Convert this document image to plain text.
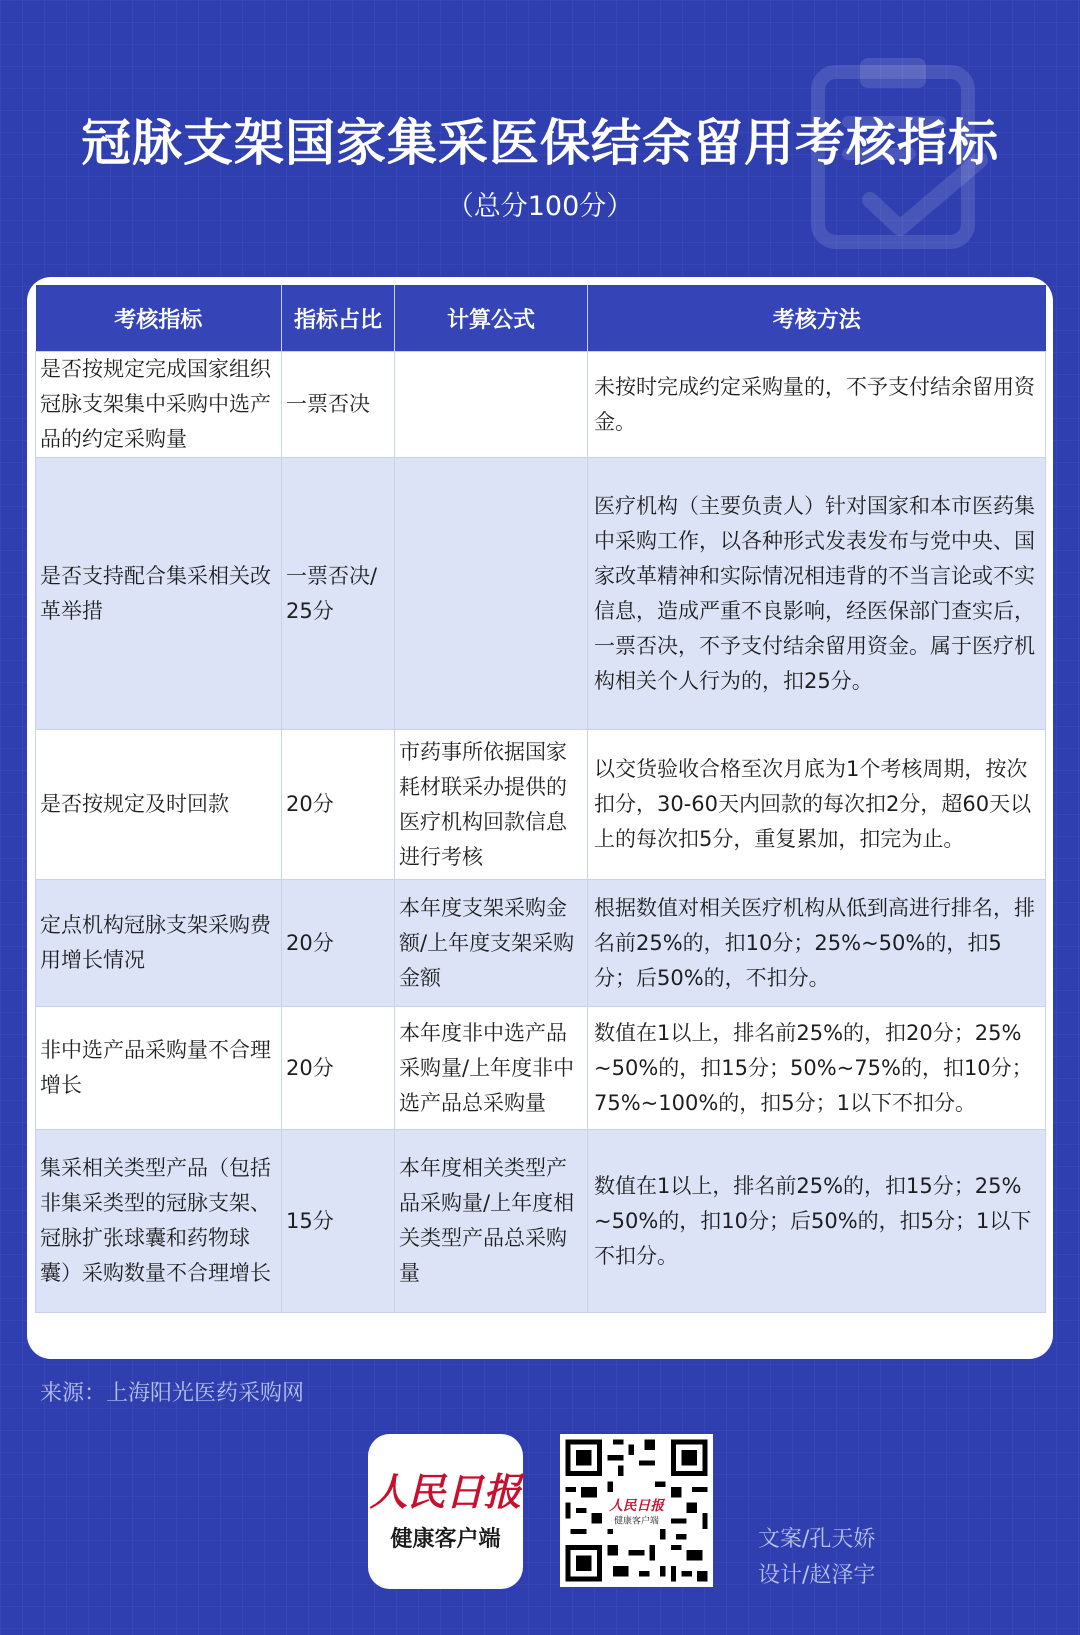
冠脉支架国家集采医保结余留用考核指标

（总分100分）

考核指标	指标占比	计算公式	考核方法
是否按规定完成国家组织冠脉支架集中采购中选产品的约定采购量	一票否决		未按时完成约定采购量的，不予支付结余留用资金。
是否支持配合集采相关改革举措	一票否决/25分		医疗机构（主要负责人）针对国家和本市医药集中采购工作，以各种形式发表发布与党中央、国家改革精神和实际情况相违背的不当言论或不实信息，造成严重不良影响，经医保部门查实后，一票否决，不予支付结余留用资金。属于医疗机构相关个人行为的，扣25分。
是否按规定及时回款	20分	市药事所依据国家耗材联采办提供的医疗机构回款信息进行考核	以交货验收合格至次月底为1个考核周期，按次扣分，30-60天内回款的每次扣2分，超60天以上的每次扣5分，重复累加，扣完为止。
定点机构冠脉支架采购费用增长情况	20分	本年度支架采购金额/上年度支架采购金额	根据数值对相关医疗机构从低到高进行排名，排名前25%的，扣10分；25%~50%的，扣5分；后50%的，不扣分。
非中选产品采购量不合理增长	20分	本年度非中选产品采购量/上年度非中选产品总采购量	数值在1以上，排名前25%的，扣20分；25%~50%的，扣15分；50%~75%的，扣10分；75%~100%的，扣5分；1以下不扣分。
集采相关类型产品（包括非集采类型的冠脉支架、冠脉扩张球囊和药物球囊）采购数量不合理增长	15分	本年度相关类型产品采购量/上年度相关类型产品总采购量	数值在1以上，排名前25%的，扣15分；25%~50%的，扣10分；后50%的，扣5分；1以下不扣分。
来源：上海阳光医药采购网
人民日报
健康客户端
人民日报
健康客户端
文案/孔天娇
设计/赵泽宇
